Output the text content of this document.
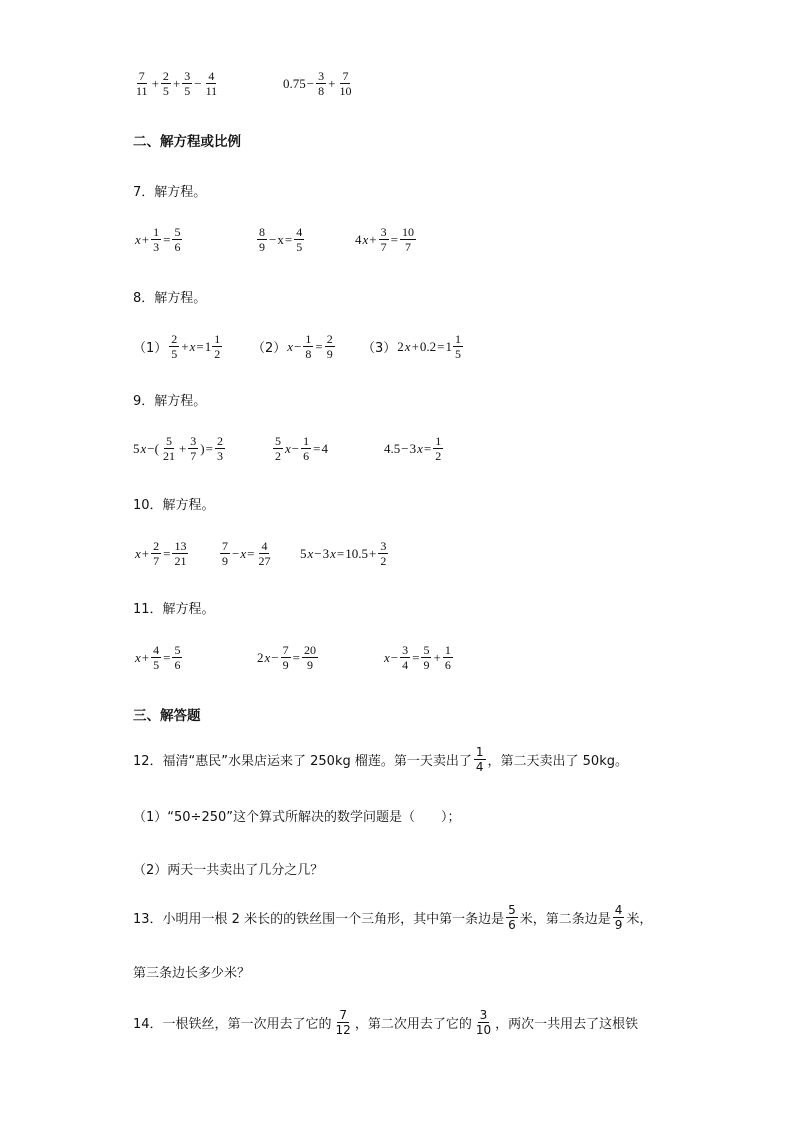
$\frac{7}{11} + \frac{2}{5} + \frac{3}{5} - \frac{4}{11}$	$0.75 - \frac{3}{8} + \frac{7}{10}$
二、解方程或比例
7．解方程。
$x + \frac{1}{3} = \frac{5}{6}$	$\frac{8}{9} - x = \frac{4}{5}$	4 $x + \frac{3}{7} = \frac{10}{7}$
8．解方程。
$(1) \frac{2}{5} + x = 1 \frac{1}{2} (2) x - \frac{1}{8} = \frac{2}{9} (3)$ 2 $x + 0.2 = 1 \frac{1}{5}$
9．解方程。
5 x −( $\frac{5}{21} + \frac{3}{7}$ ) = $\frac{2}{3}$	$\frac{5}{2}$ $x - \frac{1}{6} = 4$	4.5 − 3 $x = \frac{1}{2}$
10．解方程。
$x + \frac{2}{7} = \frac{13}{21}$	$\frac{7}{9} - x = \frac{4}{27} 5$ x − 3 $x = 10.5 + \frac{3}{2}$
11．解方程。
$x + \frac{4}{5} = \frac{5}{6}$	2 $x - \frac{7}{9} = \frac{20}{9}$	$x - \frac{3}{4} = \frac{5}{9} + \frac{1}{6}$
三、解答题
12．福清“惠民”水果店运来了 250kg 榴莲。第一天卖出了 $\frac{1}{4}$ ，第二天卖出了 50kg。
（1）“50÷250”这个算式所解决的数学问题是（　　）；
（2）两天一共卖出了几分之几？
13．小明用一根 2 米长的的铁丝围一个三角形，其中第一条边是 $\frac{5}{6}$ 米，第二条边是 $\frac{4}{9}$ 米，
第三条边长多少米？
14．一根铁丝，第一次用去了它的 $\frac{7}{12}$ ，第二次用去了它的 $\frac{3}{10}$ ，两次一共用去了这根铁
